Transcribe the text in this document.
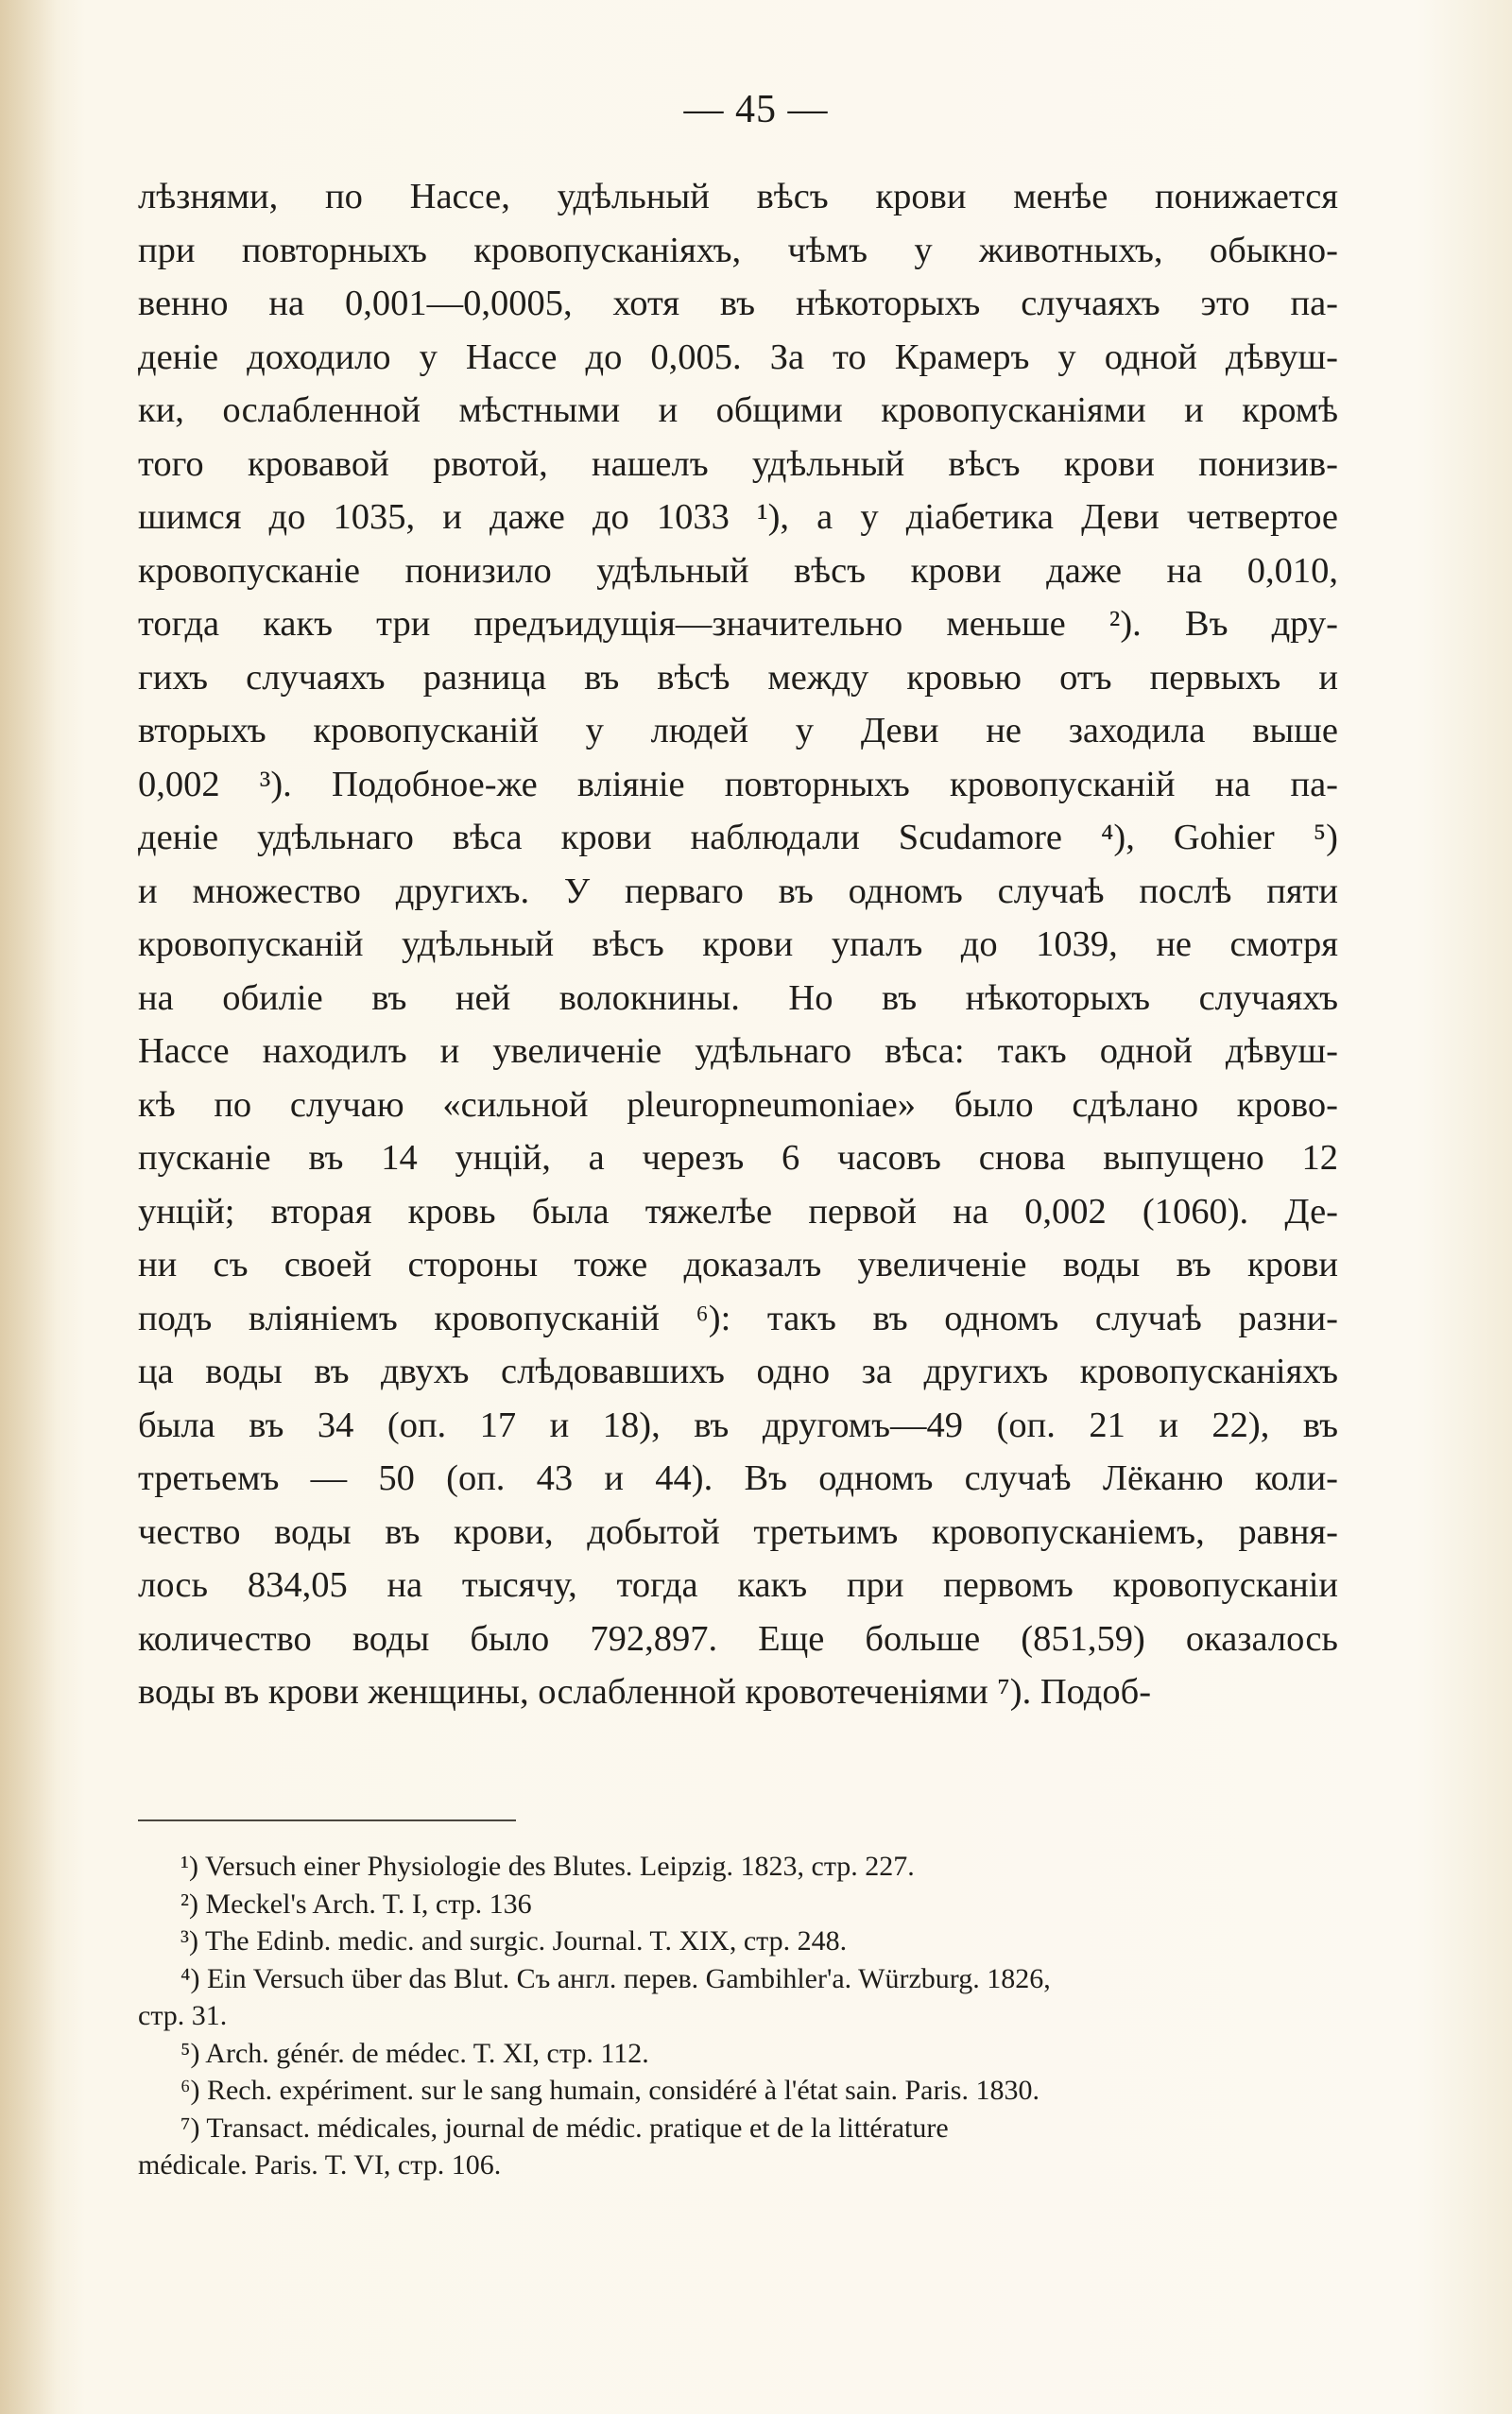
— 45 —
лѣзнями, по Нассе, удѣльный вѣсъ крови менѣе понижается
при повторныхъ кровопусканіяхъ, чѣмъ у животныхъ, обыкно-
венно на 0,001—0,0005, хотя въ нѣкоторыхъ случаяхъ это па-
деніе доходило у Нассе до 0,005. За то Крамеръ у одной дѣвуш-
ки, ослабленной мѣстными и общими кровопусканіями и кромѣ
того кровавой рвотой, нашелъ удѣльный вѣсъ крови понизив-
шимся до 1035, и даже до 1033 ¹), а у діабетика Деви четвертое
кровопусканіе понизило удѣльный вѣсъ крови даже на 0,010,
тогда какъ три предъидущія—значительно меньше ²). Въ дру-
гихъ случаяхъ разница въ вѣсѣ между кровью отъ первыхъ и
вторыхъ кровопусканій у людей у Деви не заходила выше
0,002 ³). Подобное-же вліяніе повторныхъ кровопусканій на па-
деніе удѣльнаго вѣса крови наблюдали Scudamore ⁴), Gohier ⁵)
и множество другихъ. У перваго въ одномъ случаѣ послѣ пяти
кровопусканій удѣльный вѣсъ крови упалъ до 1039, не смотря
на обиліе въ ней волокнины. Но въ нѣкоторыхъ случаяхъ
Нассе находилъ и увеличеніе удѣльнаго вѣса: такъ одной дѣвуш-
кѣ по случаю «сильной pleuropneumoniae» было сдѣлано крово-
пусканіе въ 14 унцій, а черезъ 6 часовъ снова выпущено 12
унцій; вторая кровь была тяжелѣе первой на 0,002 (1060). Де-
ни съ своей стороны тоже доказалъ увеличеніе воды въ крови
подъ вліяніемъ кровопусканій ⁶): такъ въ одномъ случаѣ разни-
ца воды въ двухъ слѣдовавшихъ одно за другихъ кровопусканіяхъ
была въ 34 (оп. 17 и 18), въ другомъ—49 (оп. 21 и 22), въ
третьемъ — 50 (оп. 43 и 44). Въ одномъ случаѣ Лёканю коли-
чество воды въ крови, добытой третьимъ кровопусканіемъ, равня-
лось 834,05 на тысячу, тогда какъ при первомъ кровопусканіи
количество воды было 792,897. Еще больше (851,59) оказалось
воды въ крови женщины, ослабленной кровотеченіями ⁷). Подоб-
¹) Versuch einer Physiologie des Blutes. Leipzig. 1823, стр. 227.
²) Meckel's Arch. T. I, стр. 136
³) The Edinb. medic. and surgic. Journal. T. XIX, стр. 248.
⁴) Ein Versuch über das Blut. Съ англ. перев. Gambihler'a. Würzburg. 1826,
стр. 31.
⁵) Arch. génér. de médec. T. XI, стр. 112.
⁶) Rech. expériment. sur le sang humain, considéré à l'état sain. Paris. 1830.
⁷) Transact. médicales, journal de médic. pratique et de la littérature
médicale. Paris. T. VI, стр. 106.
